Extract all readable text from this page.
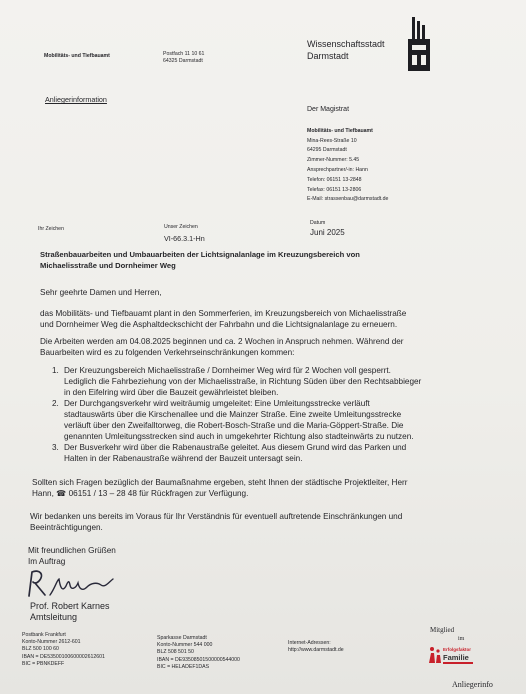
Mobilitäts- und Tiefbauamt	Postfach 11 10 61
64325 Darmstadt
Wissenschaftsstadt
Darmstadt
Anliegerinformation
Der Magistrat
Mobilitäts- und Tiefbauamt
Mina-Rees-Straße 10
64295 Darmstadt
Zimmer-Nummer: 5.45
Ansprechpartner/-in: Hann
Telefon: 06151 13-2848
Telefax: 06151 13-2806
E-Mail: strassenbau@darmstadt.de
Ihr Zeichen	Unser Zeichen
VI-66.3.1-Hn
Datum
Juni 2025
Straßenbauarbeiten und Umbauarbeiten der Lichtsignalanlage im Kreuzungsbereich von
Michaelisstraße und Dornheimer Weg
Sehr geehrte Damen und Herren,
das Mobilitäts- und Tiefbauamt plant in den Sommerferien, im Kreuzungsbereich von Michaelisstraße
und Dornheimer Weg die Asphaltdeckschicht der Fahrbahn und die Lichtsignalanlage zu erneuern.
Die Arbeiten werden am 04.08.2025 beginnen und ca. 2 Wochen in Anspruch nehmen. Während der
Bauarbeiten wird es zu folgenden Verkehrseinschränkungen kommen:
1. Der Kreuzungsbereich Michaelisstraße / Dornheimer Weg wird für 2 Wochen voll gesperrt.
Lediglich die Fahrbeziehung von der Michaelisstraße, in Richtung Süden über den Rechtsabbieger
in den Eifelring wird über die Bauzeit gewährleistet bleiben.
2. Der Durchgangsverkehr wird weiträumig umgeleitet: Eine Umleitungsstrecke verläuft
stadtauswärts über die Kirschenallee und die Mainzer Straße. Eine zweite Umleitungsstrecke
verläuft über den Zweifalltorweg, die Robert-Bosch-Straße und die Maria-Göppert-Straße. Die
genannten Umleitungsstrecken sind auch in umgekehrter Richtung also stadteinwärts zu nutzen.
3. Der Busverkehr wird über die Rabenaustraße geleitet. Aus diesem Grund wird das Parken und
Halten in der Rabenaustraße während der Bauzeit untersagt sein.
Sollten sich Fragen bezüglich der Baumaßnahme ergeben, steht Ihnen der städtische Projektleiter, Herr
Hann, ☎ 06151 / 13 – 28 48 für Rückfragen zur Verfügung.
Wir bedanken uns bereits im Voraus für Ihr Verständnis für eventuell auftretende Einschränkungen und
Beeinträchtigungen.
Mit freundlichen Grüßen
Im Auftrag
Prof. Robert Karnes
Amtsleitung
Postbank Frankfurt
Konto-Nummer 2612-601
BLZ 500 100 60
IBAN = DE53500100600002612601
BIC = PBNKDEFF
Sparkasse Darmstadt
Konto-Nummer 544 000
BLZ 508 501 50
IBAN = DE93508501500000544000
BIC = HELADEF1DAS
Internet-Adressen:
http://www.darmstadt.de
Mitglied
im
Erfolgsfaktor
Familie
Anliegerinfo
